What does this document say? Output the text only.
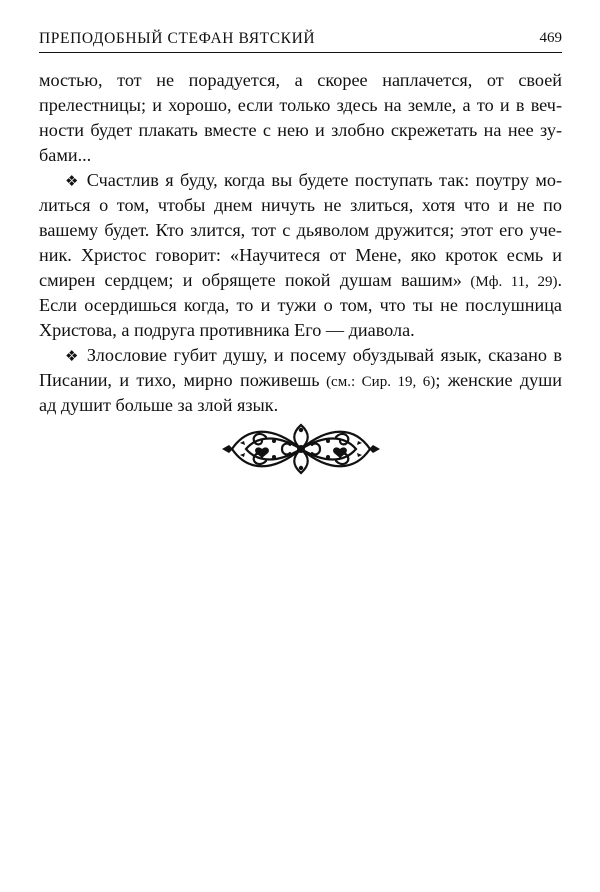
ПРЕПОДОБНЫЙ СТЕФАН ВЯТСКИЙ	469
мостью, тот не порадуется, а скорее наплачется, от своей
прелестницы; и хорошо, если только здесь на земле, а то и в веч-
ности будет плакать вместе с нею и злобно скрежетать на нее зу-
бами...
❖ Счастлив я буду, когда вы будете поступать так: поутру мо-
литься о том, чтобы днем ничуть не злиться, хотя что и не по
вашему будет. Кто злится, тот с дьяволом дружится; этот его уче-
ник. Христос говорит: «Научитеся от Мене, яко кроток есмь и
смирен сердцем; и обрящете покой душам вашим» (Мф. 11, 29).
Если осердишься когда, то и тужи о том, что ты не послушница
Христова, а подруга противника Его — диавола.
❖ Злословие губит душу, и посему обуздывай язык, сказано в
Писании, и тихо, мирно поживешь (см.: Сир. 19, 6); женские души
ад душит больше за злой язык.
